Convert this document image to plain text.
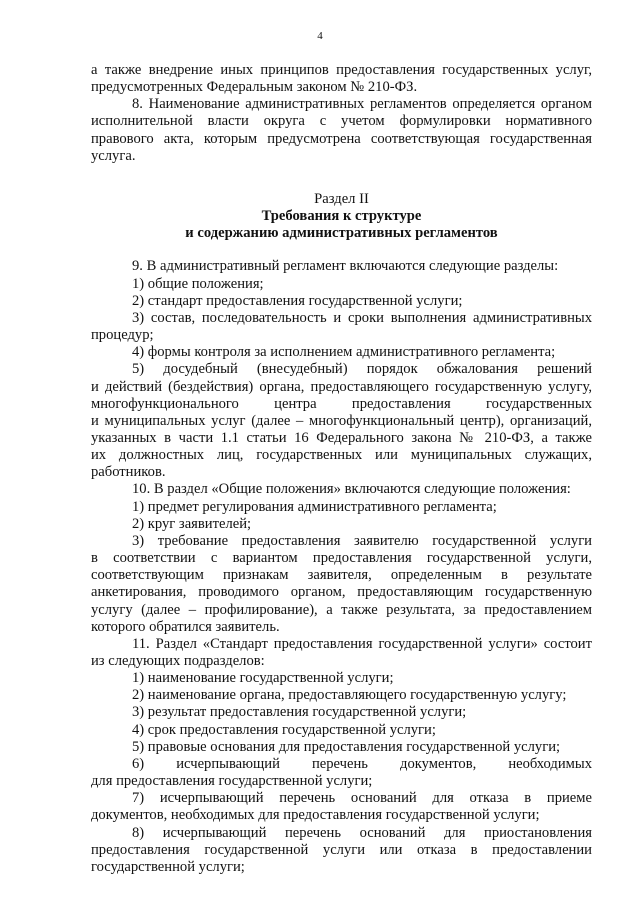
4

а также внедрение иных принципов предоставления государственных услуг,

предусмотренных Федеральным законом № 210-ФЗ.

8. Наименование административных регламентов определяется органом

исполнительной власти округа с учетом формулировки нормативного

правового акта, которым предусмотрена соответствующая государственная

услуга.

Раздел II
Требования к структуре
и содержанию административных регламентов

9. В административный регламент включаются следующие разделы:

1) общие положения;

2) стандарт предоставления государственной услуги;

3) состав, последовательность и сроки выполнения административных

процедур;

4) формы контроля за исполнением административного регламента;

5) досудебный (внесудебный) порядок обжалования решений

и действий (бездействия) органа, предоставляющего государственную услугу,

многофункционального центра предоставления государственных

и муниципальных услуг (далее – многофункциональный центр), организаций,

указанных в части 1.1 статьи 16 Федерального закона № 210-ФЗ, а также

их должностных лиц, государственных или муниципальных служащих,

работников.

10. В раздел «Общие положения» включаются следующие положения:

1) предмет регулирования административного регламента;

2) круг заявителей;

3) требование предоставления заявителю государственной услуги

в соответствии с вариантом предоставления государственной услуги,

соответствующим признакам заявителя, определенным в результате

анкетирования, проводимого органом, предоставляющим государственную

услугу (далее – профилирование), а также результата, за предоставлением

которого обратился заявитель.

11. Раздел «Стандарт предоставления государственной услуги» состоит

из следующих подразделов:

1) наименование государственной услуги;

2) наименование органа, предоставляющего государственную услугу;

3) результат предоставления государственной услуги;

4) срок предоставления государственной услуги;

5) правовые основания для предоставления государственной услуги;

6) исчерпывающий перечень документов, необходимых

для предоставления государственной услуги;

7) исчерпывающий перечень оснований для отказа в приеме

документов, необходимых для предоставления государственной услуги;

8) исчерпывающий перечень оснований для приостановления

предоставления государственной услуги или отказа в предоставлении

государственной услуги;
